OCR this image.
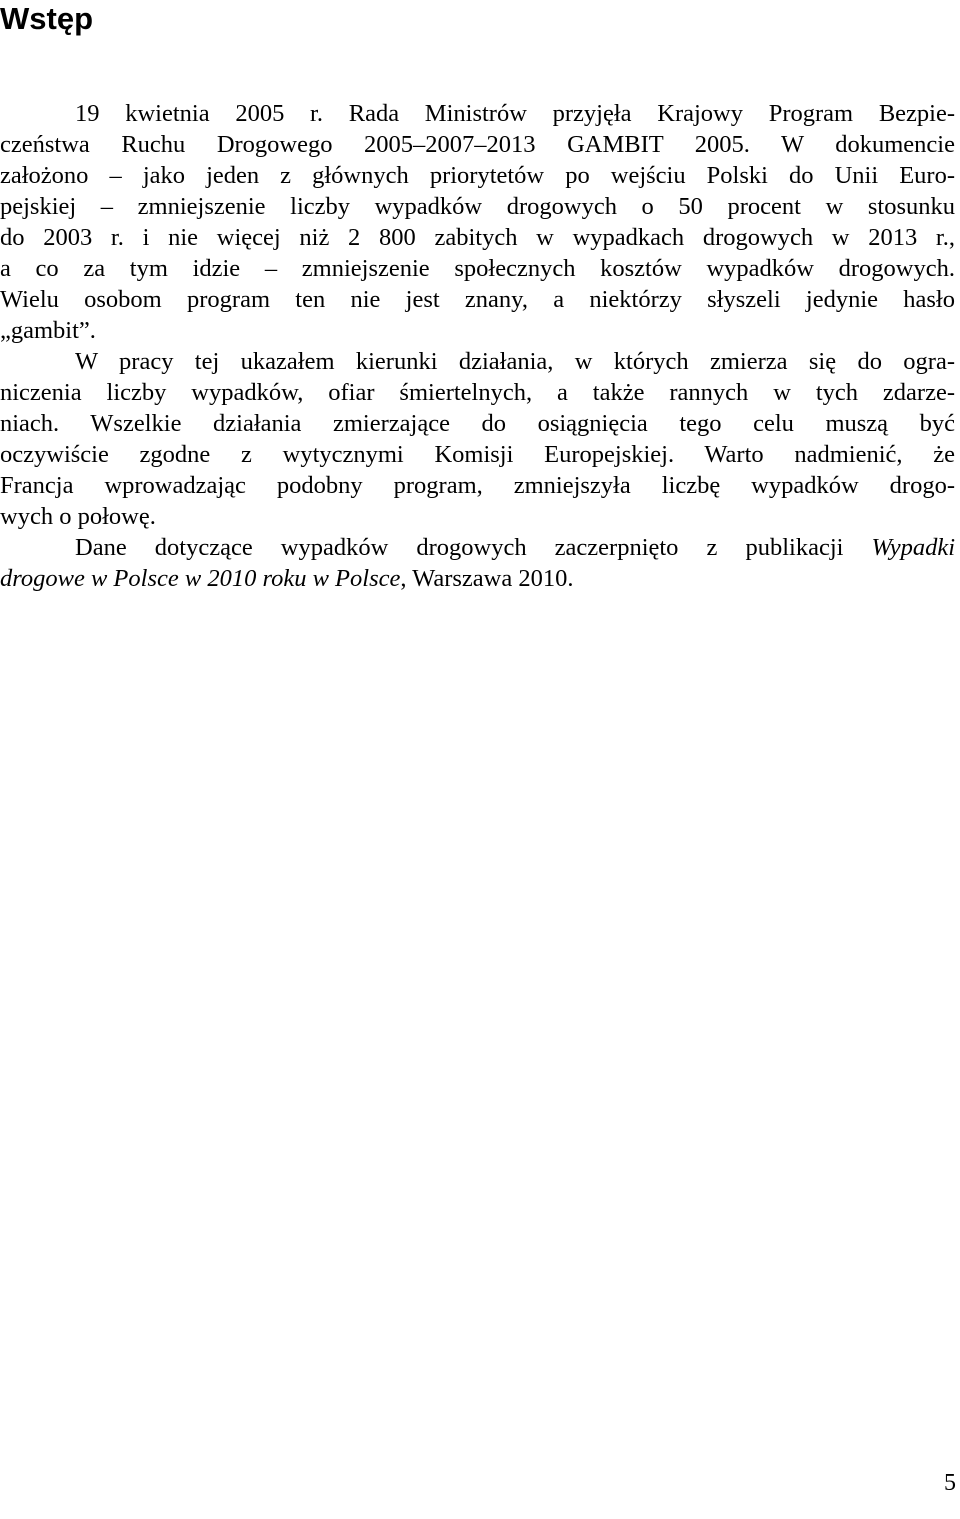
Wstęp
19 kwietnia 2005 r. Rada Ministrów przyjęła Krajowy Program Bezpie-
czeństwa Ruchu Drogowego 2005–2007–2013 GAMBIT 2005. W dokumencie
założono – jako jeden z głównych priorytetów po wejściu Polski do Unii Euro-
pejskiej – zmniejszenie liczby wypadków drogowych o 50 procent w stosunku
do 2003 r. i nie więcej niż 2 800 zabitych w wypadkach drogowych w 2013 r.,
a co za tym idzie – zmniejszenie społecznych kosztów wypadków drogowych.
Wielu osobom program ten nie jest znany, a niektórzy słyszeli jedynie hasło
„gambit”.
W pracy tej ukazałem kierunki działania, w których zmierza się do ogra-
niczenia liczby wypadków, ofiar śmiertelnych, a także rannych w tych zdarze-
niach. Wszelkie działania zmierzające do osiągnięcia tego celu muszą być
oczywiście zgodne z wytycznymi Komisji Europejskiej. Warto nadmienić, że
Francja wprowadzając podobny program, zmniejszyła liczbę wypadków drogo-
wych o połowę.
Dane dotyczące wypadków drogowych zaczerpnięto z publikacji Wypadki
drogowe w Polsce w 2010 roku w Polsce, Warszawa 2010.
5
